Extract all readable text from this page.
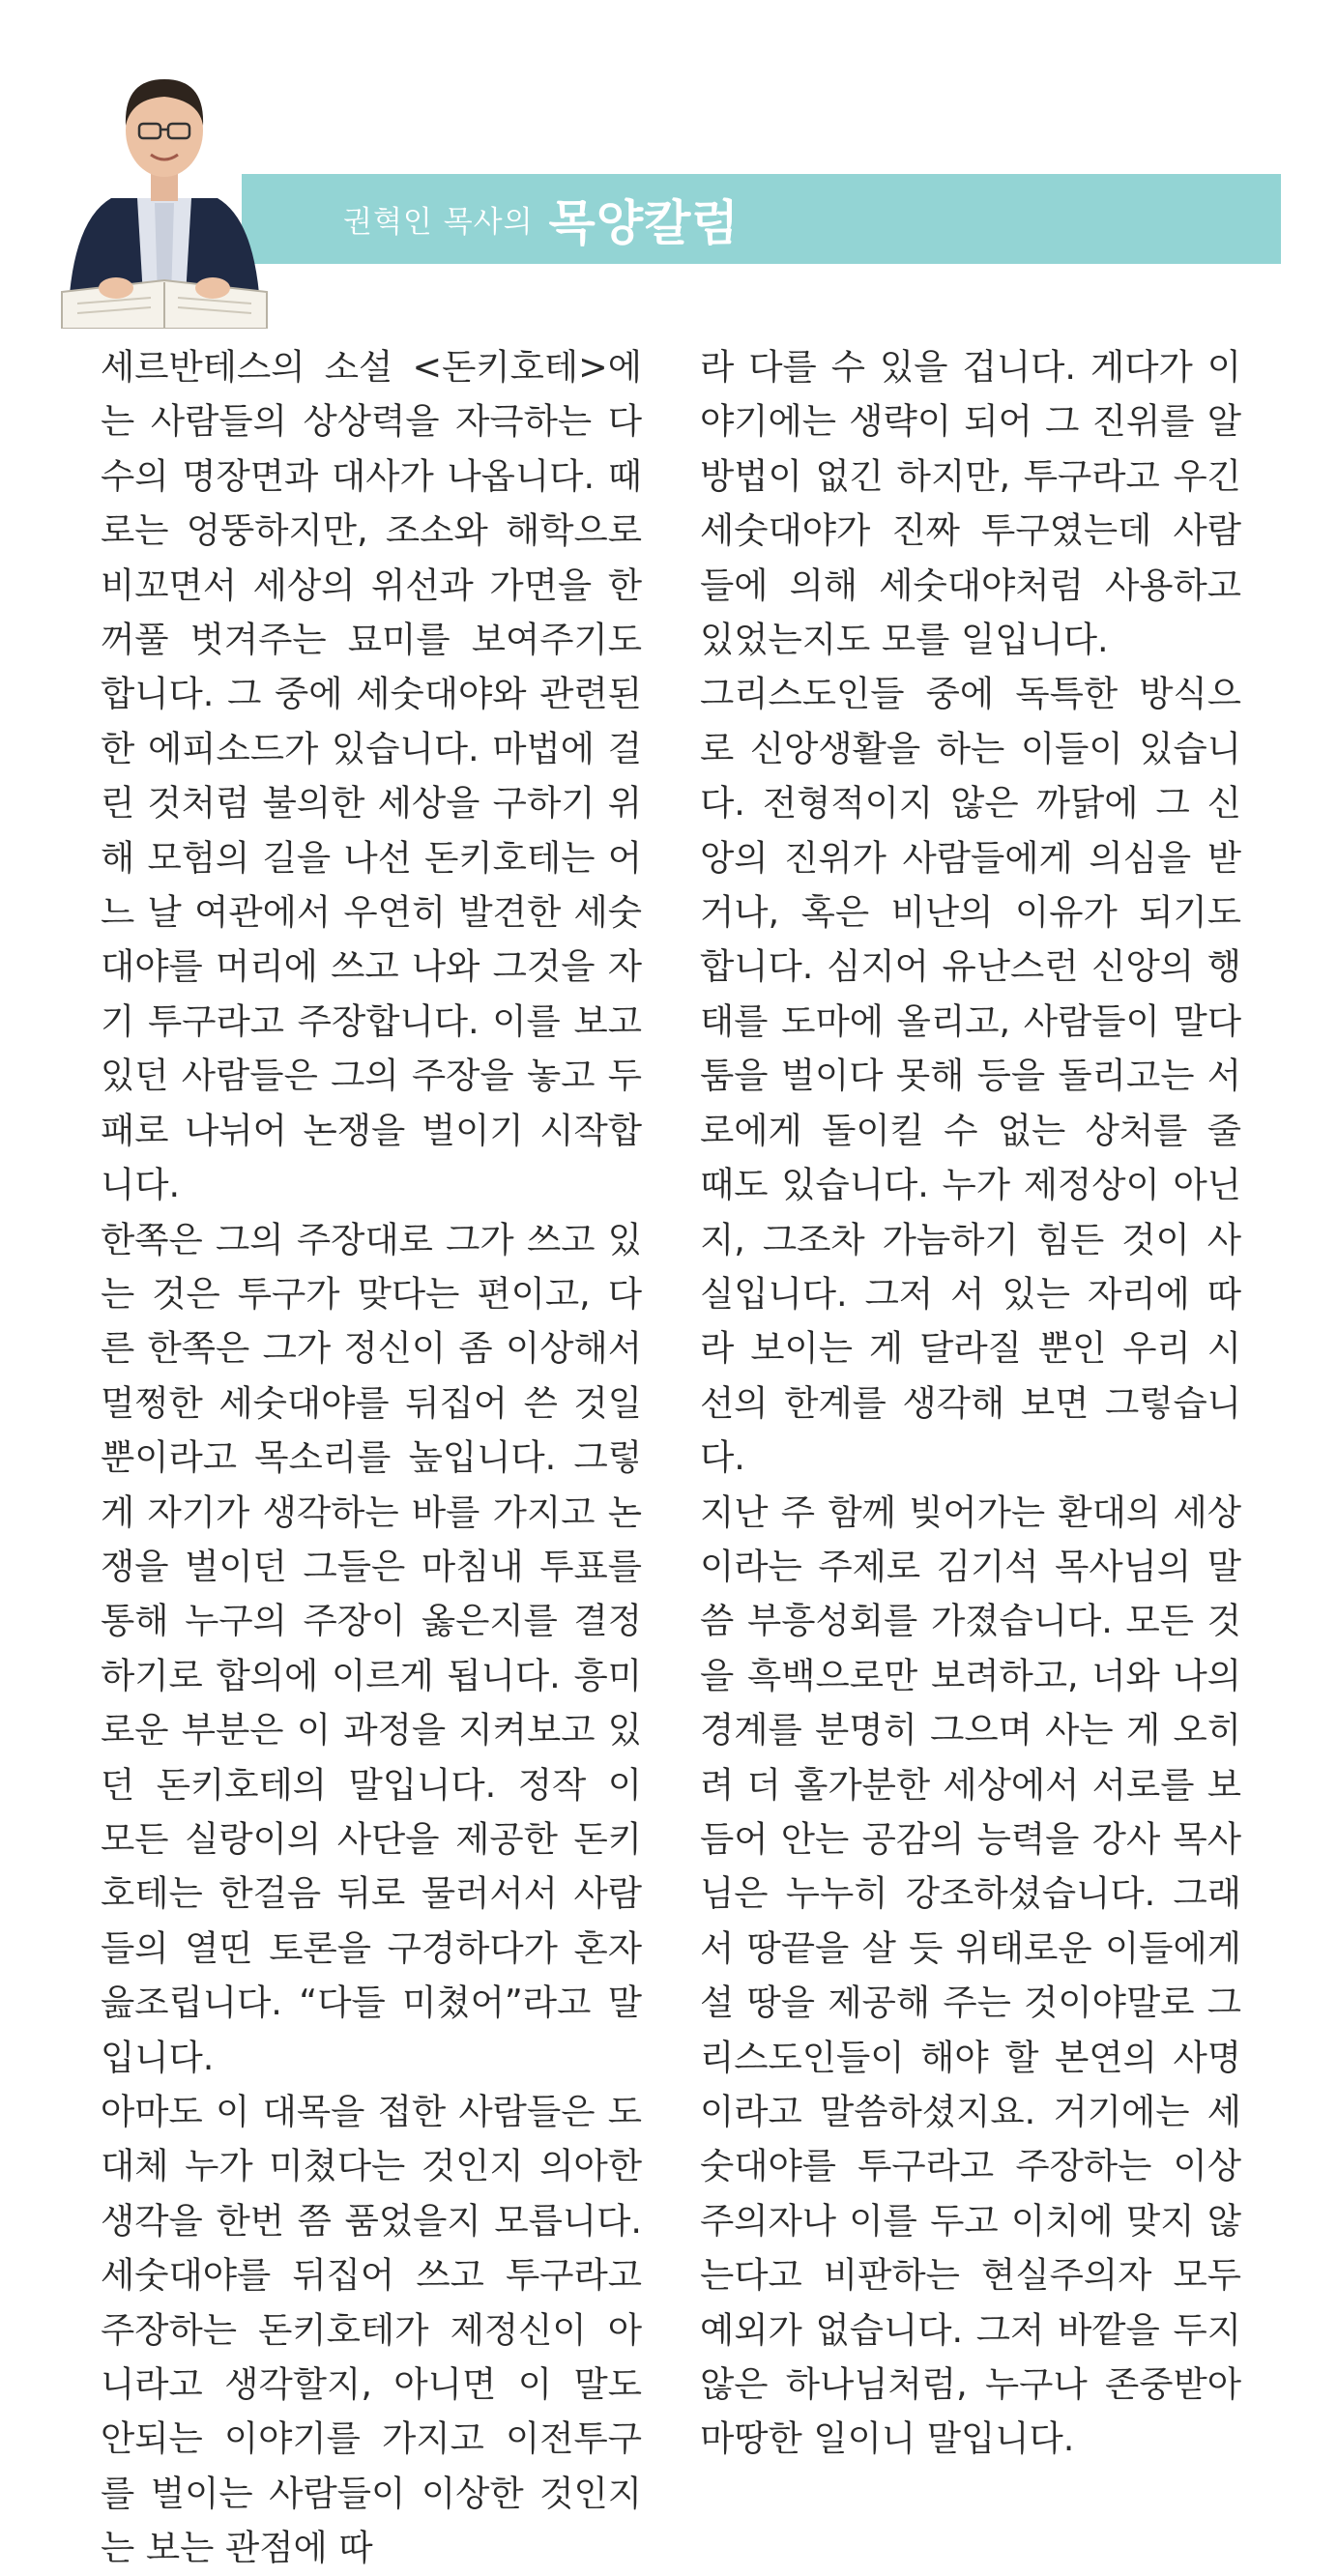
권혁인 목사의 목양칼럼

세르반테스의 소설 <돈키호테>에는 사람들의 상상력을 자극하는 다수의 명장면과 대사가 나옵니다. 때로는 엉뚱하지만, 조소와 해학으로 비꼬면서 세상의 위선과 가면을 한꺼풀 벗겨주는 묘미를 보여주기도 합니다. 그 중에 세숫대야와 관련된 한 에피소드가 있습니다. 마법에 걸린 것처럼 불의한 세상을 구하기 위해 모험의 길을 나선 돈키호테는 어느 날 여관에서 우연히 발견한 세숫대야를 머리에 쓰고 나와 그것을 자기 투구라고 주장합니다. 이를 보고 있던 사람들은 그의 주장을 놓고 두 패로 나뉘어 논쟁을 벌이기 시작합니다.

한쪽은 그의 주장대로 그가 쓰고 있는 것은 투구가 맞다는 편이고, 다른 한쪽은 그가 정신이 좀 이상해서 멀쩡한 세숫대야를 뒤집어 쓴 것일 뿐이라고 목소리를 높입니다. 그렇게 자기가 생각하는 바를 가지고 논쟁을 벌이던 그들은 마침내 투표를 통해 누구의 주장이 옳은지를 결정하기로 합의에 이르게 됩니다. 흥미로운 부분은 이 과정을 지켜보고 있던 돈키호테의 말입니다. 정작 이 모든 실랑이의 사단을 제공한 돈키호테는 한걸음 뒤로 물러서서 사람들의 열띤 토론을 구경하다가 혼자 읊조립니다. “다들 미쳤어”라고 말입니다.

아마도 이 대목을 접한 사람들은 도대체 누가 미쳤다는 것인지 의아한 생각을 한번 쯤 품었을지 모릅니다. 세숫대야를 뒤집어 쓰고 투구라고 주장하는 돈키호테가 제정신이 아니라고 생각할지, 아니면 이 말도 안되는 이야기를 가지고 이전투구를 벌이는 사람들이 이상한 것인지는 보는 관점에 따

라 다를 수 있을 겁니다. 게다가 이야기에는 생략이 되어 그 진위를 알 방법이 없긴 하지만, 투구라고 우긴 세숫대야가 진짜 투구였는데 사람들에 의해 세숫대야처럼 사용하고 있었는지도 모를 일입니다.

그리스도인들 중에 독특한 방식으로 신앙생활을 하는 이들이 있습니다. 전형적이지 않은 까닭에 그 신앙의 진위가 사람들에게 의심을 받거나, 혹은 비난의 이유가 되기도 합니다. 심지어 유난스런 신앙의 행태를 도마에 올리고, 사람들이 말다툼을 벌이다 못해 등을 돌리고는 서로에게 돌이킬 수 없는 상처를 줄 때도 있습니다. 누가 제정상이 아닌지, 그조차 가늠하기 힘든 것이 사실입니다. 그저 서 있는 자리에 따라 보이는 게 달라질 뿐인 우리 시선의 한계를 생각해 보면 그렇습니다.

지난 주 함께 빚어가는 환대의 세상이라는 주제로 김기석 목사님의 말씀 부흥성회를 가졌습니다. 모든 것을 흑백으로만 보려하고, 너와 나의 경계를 분명히 그으며 사는 게 오히려 더 홀가분한 세상에서 서로를 보듬어 안는 공감의 능력을 강사 목사님은 누누히 강조하셨습니다. 그래서 땅끝을 살 듯 위태로운 이들에게 설 땅을 제공해 주는 것이야말로 그리스도인들이 해야 할 본연의 사명이라고 말씀하셨지요. 거기에는 세숫대야를 투구라고 주장하는 이상주의자나 이를 두고 이치에 맞지 않는다고 비판하는 현실주의자 모두 예외가 없습니다. 그저 바깥을 두지 않은 하나님처럼, 누구나 존중받아 마땅한 일이니 말입니다.
